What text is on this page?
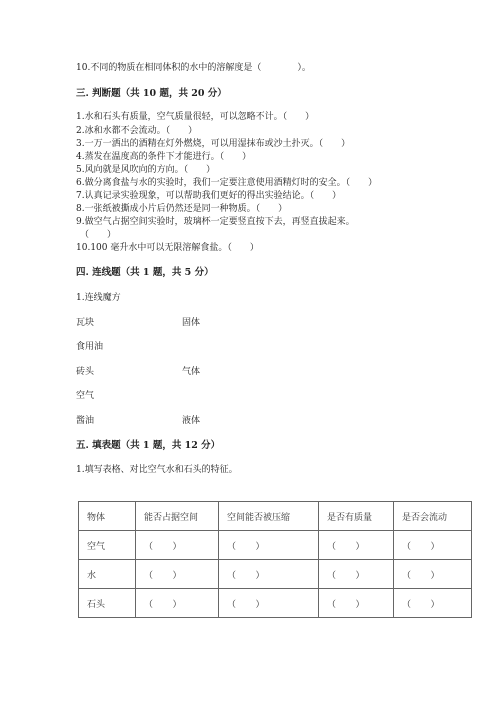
10.不同的物质在相同体积的水中的溶解度是（　　　　）。
三. 判断题（共 10 题，共 20 分）
1.水和石头有质量，空气质量很轻，可以忽略不计。（　　）
2.冰和水都不会流动。（　　）
3.一万一洒出的酒精在灯外燃烧，可以用湿抹布或沙土扑灭。（　　）
4.蒸发在温度高的条件下才能进行。（　　）
5.风向就是风吹向的方向。（　　）
6.做分离食盐与水的实验时，我们一定要注意使用酒精灯时的安全。（　　）
7.认真记录实验现象，可以帮助我们更好的得出实验结论。（　　）
8.一张纸被撕成小片后仍然还是同一种物质。（　　）
9.做空气占据空间实验时，玻璃杯一定要竖直按下去，再竖直拔起来。
（　　）
10.100 毫升水中可以无限溶解食盐。（　　）
四. 连线题（共 1 题，共 5 分）
1.连线魔方
瓦块
食用油
砖头
空气
酱油
固体
气体
液体
五. 填表题（共 1 题，共 12 分）
1.填写表格、对比空气水和石头的特征。
物体	能否占据空间	空间能否被压缩	是否有质量	是否会流动
空气	（　　）	（　　）	（　　）	（　　）
水	（　　）	（　　）	（　　）	（　　）
石头	（　　）	（　　）	（　　）	（　　）
